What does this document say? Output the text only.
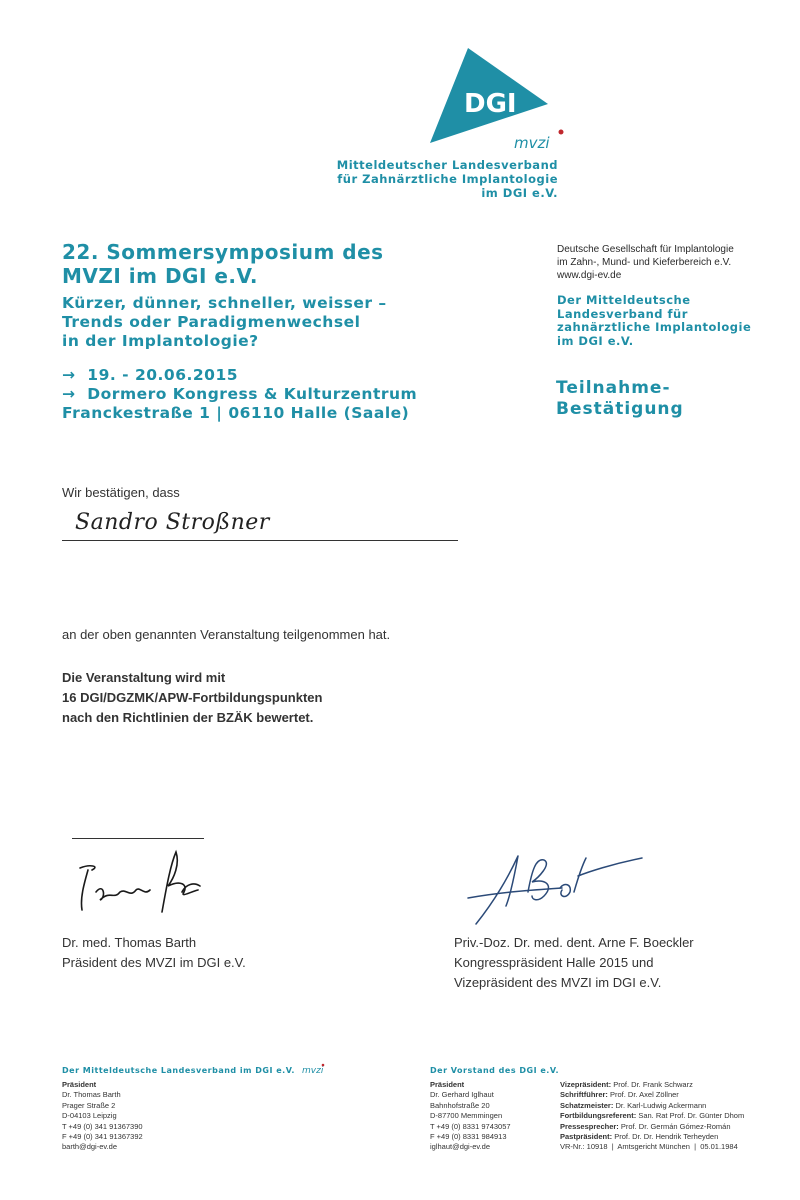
DGI
mvzi
Mitteldeutscher Landesverband
für Zahnärztliche Implantologie
im DGI e.V.
22. Sommersymposium des
MVZI im DGI e.V.
Kürzer, dünner, schneller, weisser –
Trends oder Paradigmenwechsel
in der Implantologie?
→  19. - 20.06.2015
→  Dormero Kongress & Kulturzentrum
Franckestraße 1 | 06110 Halle (Saale)
Deutsche Gesellschaft für Implantologie
im Zahn-, Mund- und Kieferbereich e.V.
www.dgi-ev.de
Der Mitteldeutsche
Landesverband für
zahnärztliche Implantologie
im DGI e.V.
Teilnahme-
Bestätigung
Wir bestätigen, dass
Sandro Stroßner
an der oben genannten Veranstaltung teilgenommen hat.
Die Veranstaltung wird mit
16 DGI/DGZMK/APW-Fortbildungspunkten
nach den Richtlinien der BZÄK bewertet.
Dr. med. Thomas Barth
Präsident des MVZI im DGI e.V.
Priv.-Doz. Dr. med. dent. Arne F. Boeckler
Kongresspräsident Halle 2015 und
Vizepräsident des MVZI im DGI e.V.
Der Mitteldeutsche Landesverband im DGI e.V. mvzi
Präsident
Dr. Thomas Barth
Prager Straße 2
D-04103 Leipzig
T +49 (0) 341 91367390
F +49 (0) 341 91367392
barth@dgi-ev.de
Der Vorstand des DGI e.V.
Präsident
Dr. Gerhard Iglhaut
Bahnhofstraße 20
D-87700 Memmingen
T +49 (0) 8331 9743057
F +49 (0) 8331 984913
iglhaut@dgi-ev.de
Vizepräsident: Prof. Dr. Frank Schwarz
Schriftführer: Prof. Dr. Axel Zöllner
Schatzmeister: Dr. Karl-Ludwig Ackermann
Fortbildungsreferent: San. Rat Prof. Dr. Günter Dhom
Pressesprecher: Prof. Dr. Germán Gómez-Román
Pastpräsident: Prof. Dr. Dr. Hendrik Terheyden
VR-Nr.: 10918  |  Amtsgericht München  |  05.01.1984
